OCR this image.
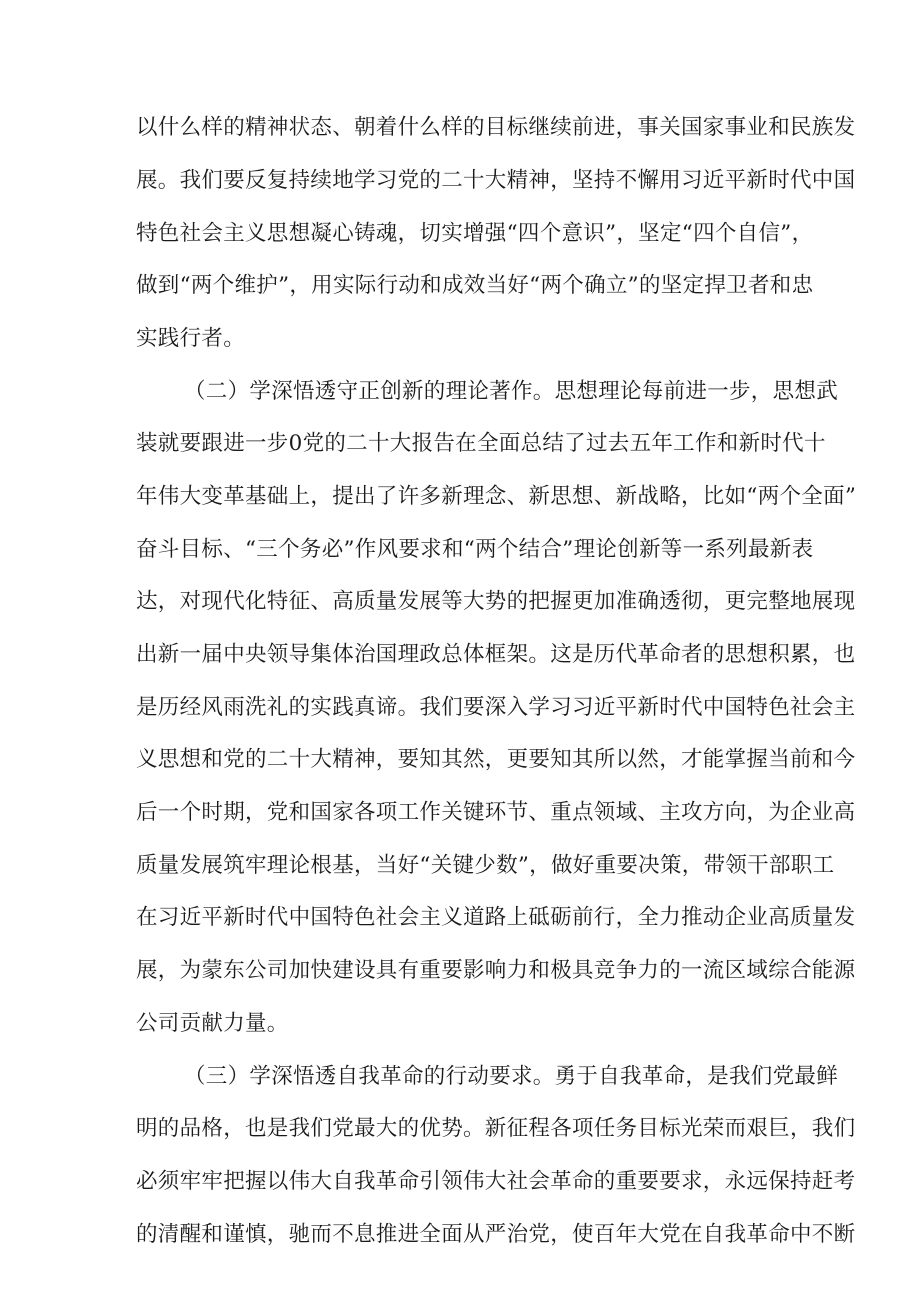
以什么样的精神状态、朝着什么样的目标继续前进，事关国家事业和民族发
展。我们要反复持续地学习党的二十大精神，坚持不懈用习近平新时代中国
特色社会主义思想凝心铸魂，切实增强“四个意识”，坚定“四个自信”，
做到“两个维护”，用实际行动和成效当好“两个确立”的坚定捍卫者和忠
实践行者。
（二）学深悟透守正创新的理论著作。思想理论每前进一步，思想武
装就要跟进一步0党的二十大报告在全面总结了过去五年工作和新时代十
年伟大变革基础上，提出了许多新理念、新思想、新战略，比如“两个全面”
奋斗目标、“三个务必”作风要求和“两个结合”理论创新等一系列最新表
达，对现代化特征、高质量发展等大势的把握更加准确透彻，更完整地展现
出新一届中央领导集体治国理政总体框架。这是历代革命者的思想积累，也
是历经风雨洗礼的实践真谛。我们要深入学习习近平新时代中国特色社会主
义思想和党的二十大精神，要知其然，更要知其所以然，才能掌握当前和今
后一个时期，党和国家各项工作关键环节、重点领域、主攻方向，为企业高
质量发展筑牢理论根基，当好“关键少数”，做好重要决策，带领干部职工
在习近平新时代中国特色社会主义道路上砥砺前行，全力推动企业高质量发
展，为蒙东公司加快建设具有重要影响力和极具竞争力的一流区域综合能源
公司贡献力量。
（三）学深悟透自我革命的行动要求。勇于自我革命，是我们党最鲜
明的品格，也是我们党最大的优势。新征程各项任务目标光荣而艰巨，我们
必须牢牢把握以伟大自我革命引领伟大社会革命的重要要求，永远保持赶考
的清醒和谨慎，驰而不息推进全面从严治党，使百年大党在自我革命中不断
